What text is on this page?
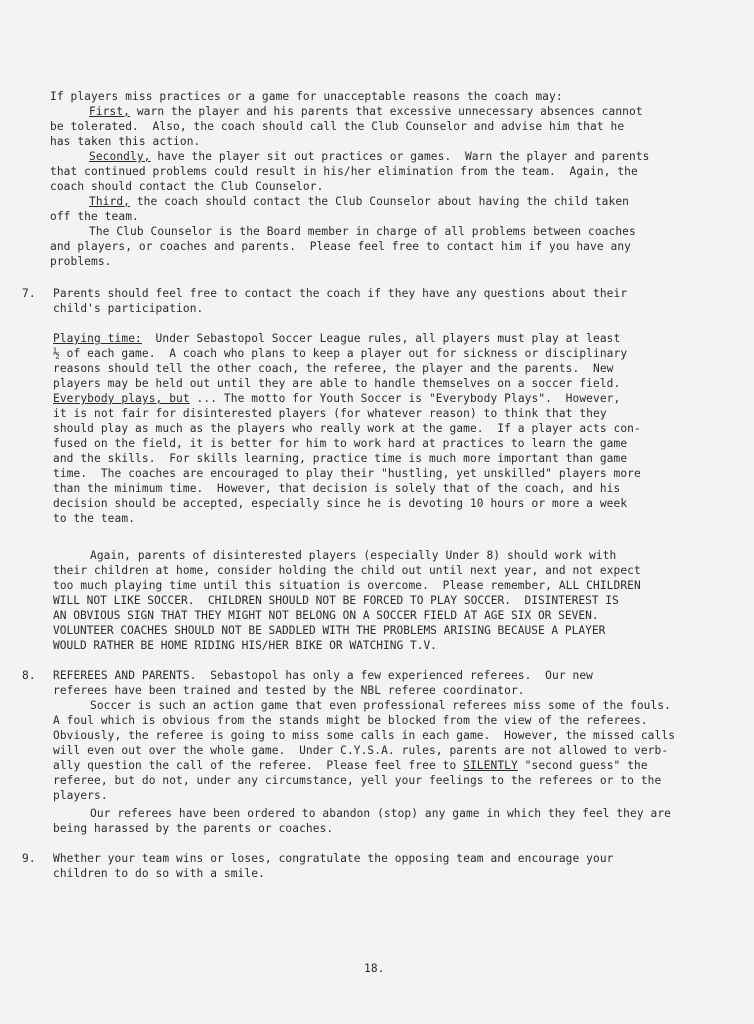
If players miss practices or a game for unacceptable reasons the coach may:
First, warn the player and his parents that excessive unnecessary absences cannot
be tolerated.  Also, the coach should call the Club Counselor and advise him that he
has taken this action.
Secondly, have the player sit out practices or games.  Warn the player and parents
that continued problems could result in his/her elimination from the team.  Again, the
coach should contact the Club Counselor.
Third, the coach should contact the Club Counselor about having the child taken
off the team.
The Club Counselor is the Board member in charge of all problems between coaches
and players, or coaches and parents.  Please feel free to contact him if you have any
problems.
7. Parents should feel free to contact the coach if they have any questions about their
child's participation.
Playing time:  Under Sebastopol Soccer League rules, all players must play at least
½ of each game.  A coach who plans to keep a player out for sickness or disciplinary
reasons should tell the other coach, the referee, the player and the parents.  New
players may be held out until they are able to handle themselves on a soccer field.
Everybody plays, but ... The motto for Youth Soccer is "Everybody Plays".  However,
it is not fair for disinterested players (for whatever reason) to think that they
should play as much as the players who really work at the game.  If a player acts con-
fused on the field, it is better for him to work hard at practices to learn the game
and the skills.  For skills learning, practice time is much more important than game
time.  The coaches are encouraged to play their "hustling, yet unskilled" players more
than the minimum time.  However, that decision is solely that of the coach, and his
decision should be accepted, especially since he is devoting 10 hours or more a week
to the team.
Again, parents of disinterested players (especially Under 8) should work with
their children at home, consider holding the child out until next year, and not expect
too much playing time until this situation is overcome.  Please remember, ALL CHILDREN
WILL NOT LIKE SOCCER.  CHILDREN SHOULD NOT BE FORCED TO PLAY SOCCER.  DISINTEREST IS
AN OBVIOUS SIGN THAT THEY MIGHT NOT BELONG ON A SOCCER FIELD AT AGE SIX OR SEVEN.
VOLUNTEER COACHES SHOULD NOT BE SADDLED WITH THE PROBLEMS ARISING BECAUSE A PLAYER
WOULD RATHER BE HOME RIDING HIS/HER BIKE OR WATCHING T.V.
8. REFEREES AND PARENTS.  Sebastopol has only a few experienced referees.  Our new
referees have been trained and tested by the NBL referee coordinator.
Soccer is such an action game that even professional referees miss some of the fouls.
A foul which is obvious from the stands might be blocked from the view of the referees.
Obviously, the referee is going to miss some calls in each game.  However, the missed calls
will even out over the whole game.  Under C.Y.S.A. rules, parents are not allowed to verb-
ally question the call of the referee.  Please feel free to SILENTLY "second guess" the
referee, but do not, under any circumstance, yell your feelings to the referees or to the
players.
Our referees have been ordered to abandon (stop) any game in which they feel they are
being harassed by the parents or coaches.
9. Whether your team wins or loses, congratulate the opposing team and encourage your
children to do so with a smile.
18.
